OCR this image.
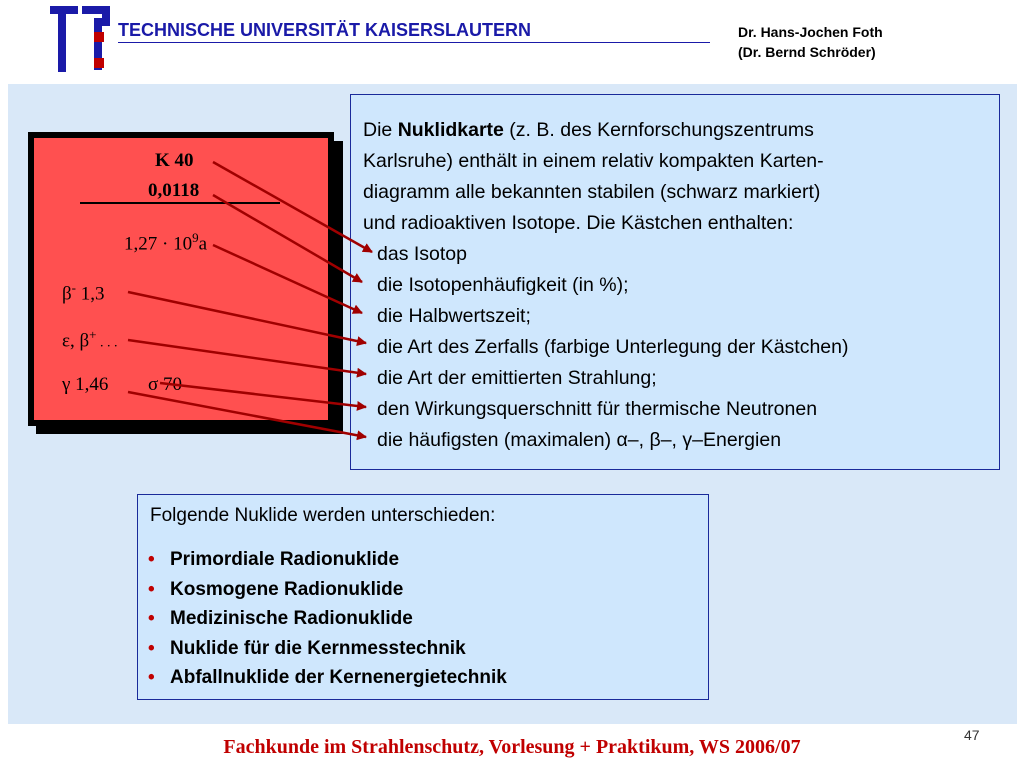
TECHNISCHE UNIVERSITÄT KAISERSLAUTERN	Dr. Hans-Jochen Foth
(Dr. Bernd Schröder)
K 40
0,0118
$1,27 \cdot 10^9a$
β- 1,3
ε, β+ . . .
γ 1,46 σ 70
Die Nuklidkarte (z. B. des Kernforschungszentrums
Karlsruhe) enthält in einem relativ kompakten Karten-
diagramm alle bekannten stabilen (schwarz markiert)
und radioaktiven Isotope. Die Kästchen enthalten:
das Isotop
die Isotopenhäufigkeit (in %);
die Halbwertszeit;
die Art des Zerfalls (farbige Unterlegung der Kästchen)
die Art der emittierten Strahlung;
den Wirkungsquerschnitt für thermische Neutronen
die häufigsten (maximalen) α–, β–, γ–Energien
Folgende Nuklide werden unterschieden:
• Primordiale Radionuklide
• Kosmogene Radionuklide
• Medizinische Radionuklide
• Nuklide für die Kernmesstechnik
• Abfallnuklide der Kernenergietechnik
47
Fachkunde im Strahlenschutz, Vorlesung + Praktikum, WS 2006/07
